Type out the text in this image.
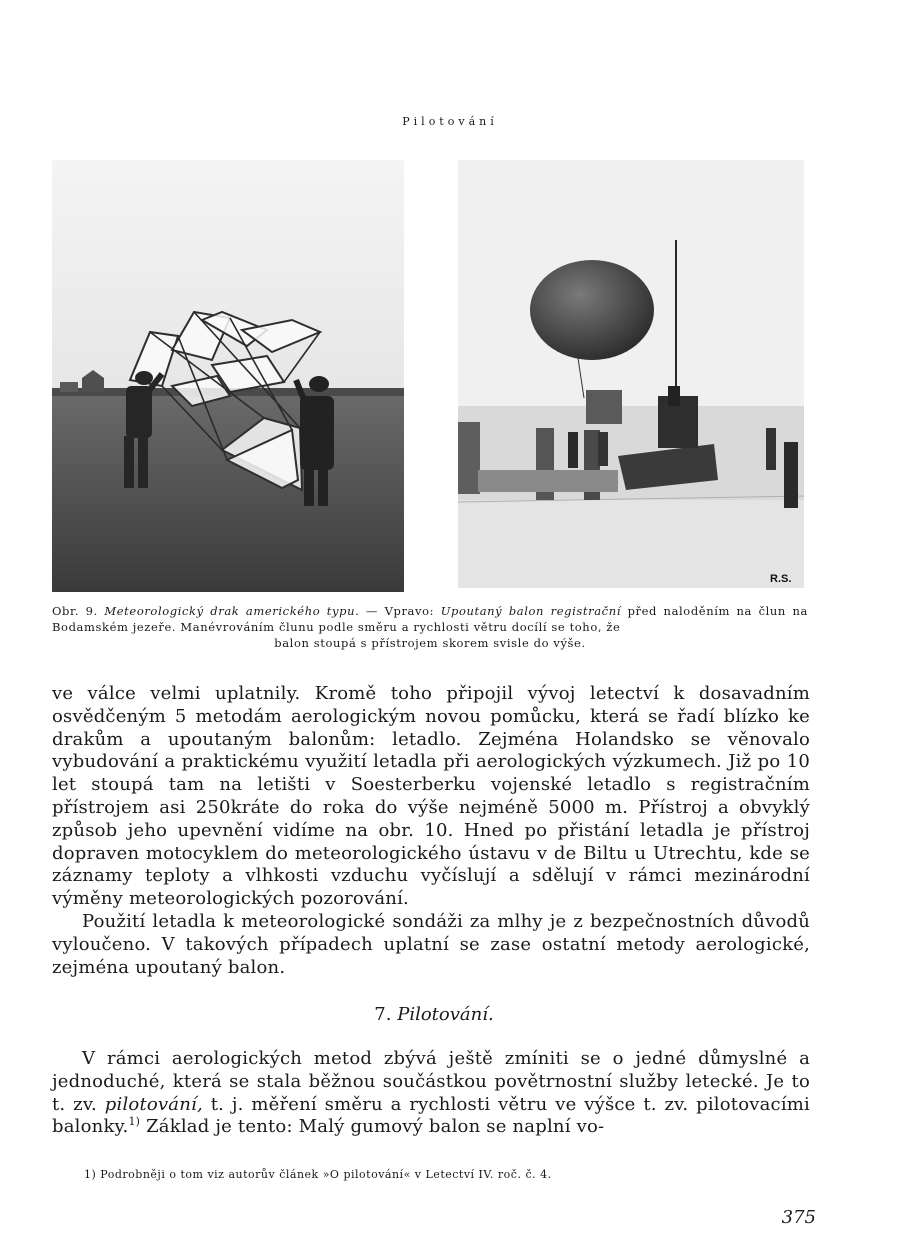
Pilotování
R.S.
Obr. 9. Meteorologický drak amerického typu. — Vpravo: Upoutaný balon registrační před naloděním na člun na Bodamském jezeře. Manévrováním člunu podle směru a rychlosti větru docílí se toho, že
balon stoupá s přístrojem skorem svisle do výše.

ve válce velmi uplatnily. Kromě toho připojil vývoj letectví k dosavadním osvědčeným 5 metodám aerologickým novou pomůcku, která se řadí blízko ke drakům a upoutaným balonům: letadlo. Zejména Holandsko se věnovalo vybudování a praktickému využití letadla při aerologických výzkumech. Již po 10 let stoupá tam na letišti v Soesterberku vojenské letadlo s registračním přístrojem asi 250kráte do roka do výše nejméně 5000 m. Přístroj a obvyklý způsob jeho upevnění vidíme na obr. 10. Hned po přistání letadla je přístroj dopraven motocyklem do meteorologického ústavu v de Biltu u Utrechtu, kde se záznamy teploty a vlhkosti vzduchu vyčíslují a sdělují v rámci mezinárodní výměny meteorologických pozorování.

Použití letadla k meteorologické sondáži za mlhy je z bezpečnostních důvodů vyloučeno. V takových případech uplatní se zase ostatní metody aerologické, zejména upoutaný balon.

7. Pilotování.

V rámci aerologických metod zbývá ještě zmíniti se o jedné důmyslné a jednoduché, která se stala běžnou součástkou povětrnostní služby letecké. Je to t. zv. pilotování, t. j. měření směru a rychlosti větru ve výšce t. zv. pilotovacími balonky.$^{1)}$ Základ je tento: Malý gumový balon se naplní vo-

1) Podrobněji o tom viz autorův článek »O pilotování« v Letectví IV. roč. č. 4.
375
